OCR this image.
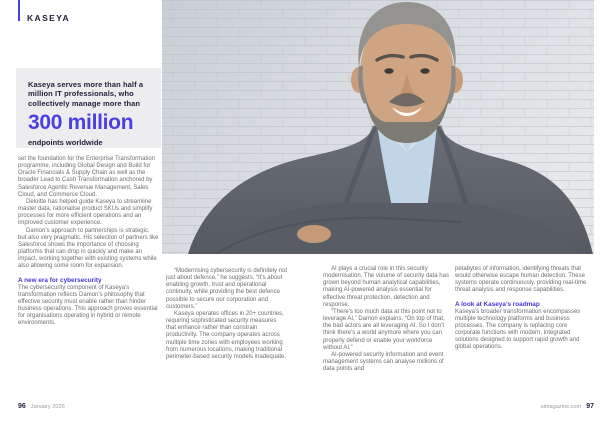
KASEYA
Kaseya serves more than half a million IT professionals, who collectively manage more than
300 million
endpoints worldwide

set the foundation for the Enterprise Transformation programme, including Global Design and Build for Oracle Financials & Supply Chain as well as the broader Lead to Cash Transformation anchored by Salesforce Agentic Revenue Management, Sales Cloud, and Commerce Cloud.

Deloitte has helped guide Kaseya to streamline master data, rationalise product SKUs and simplify processes for more efficient operations and an improved customer experience.

Damon’s approach to partnerships is strategic, but also very pragmatic. His selection of partners like Salesforce shows the importance of choosing platforms that can drop in quickly and make an impact, working together with existing systems while also allowing some room for expansion.

A new era for cybersecurity

The cybersecurity component of Kaseya’s transformation reflects Damon’s philosophy that effective security must enable rather than hinder business operations. This approach proves essential for organisations operating in hybrid or remote environments.

“Modernising cybersecurity is definitely not just about defence,” he suggests. “It’s about enabling growth, trust and operational continuity, while providing the best defence possible to secure our corporation and customers.”

Kaseya operates offices in 20+ countries, requiring sophisticated security measures that enhance rather than constrain productivity. The company operates across multiple time zones with employees working from numerous locations, making traditional perimeter-based security models inadequate.

AI plays a crucial role in this security modernisation. The volume of security data has grown beyond human analytical capabilities, making AI-powered analysis essential for effective threat protection, detection and response.

“There’s too much data at this point not to leverage AI,” Damon explains. “On top of that, the bad actors are all leveraging AI. So I don’t think there’s a world anymore where you can properly defend or enable your workforce without AI.”

AI-powered security information and event management systems can analyse millions of data points and

petabytes of information, identifying threats that would otherwise escape human detection. These systems operate continuously, providing real-time threat analysis and response capabilities.

A look at Kaseya’s roadmap

Kaseya’s broader transformation encompasses multiple technology platforms and business processes. The company is replacing core corporate functions with modern, integrated solutions designed to support rapid growth and global operations.

96 January 2026	aimagazine.com 97
